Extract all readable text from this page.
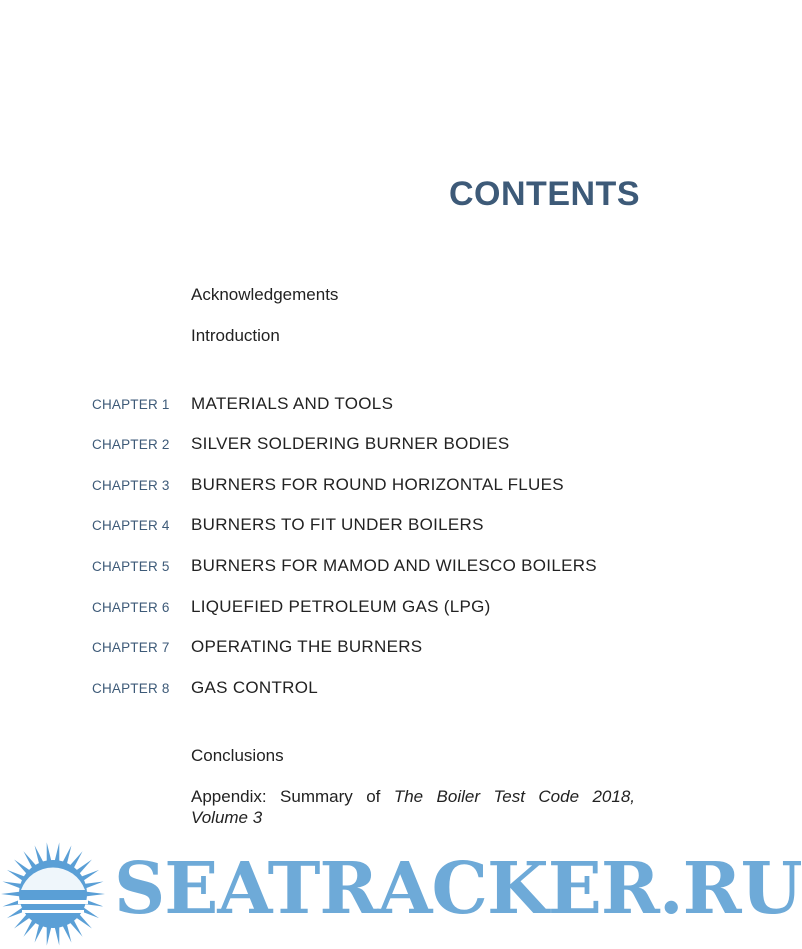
CONTENTS
Acknowledgements
Introduction
CHAPTER 1 MATERIALS AND TOOLS
CHAPTER 2 SILVER SOLDERING BURNER BODIES
CHAPTER 3 BURNERS FOR ROUND HORIZONTAL FLUES
CHAPTER 4 BURNERS TO FIT UNDER BOILERS
CHAPTER 5 BURNERS FOR MAMOD AND WILESCO BOILERS
CHAPTER 6 LIQUEFIED PETROLEUM GAS (LPG)
CHAPTER 7 OPERATING THE BURNERS
CHAPTER 8 GAS CONTROL
Conclusions
Appendix: Summary of The Boiler Test Code 2018, Volume 3
SEATRACKER.RU
